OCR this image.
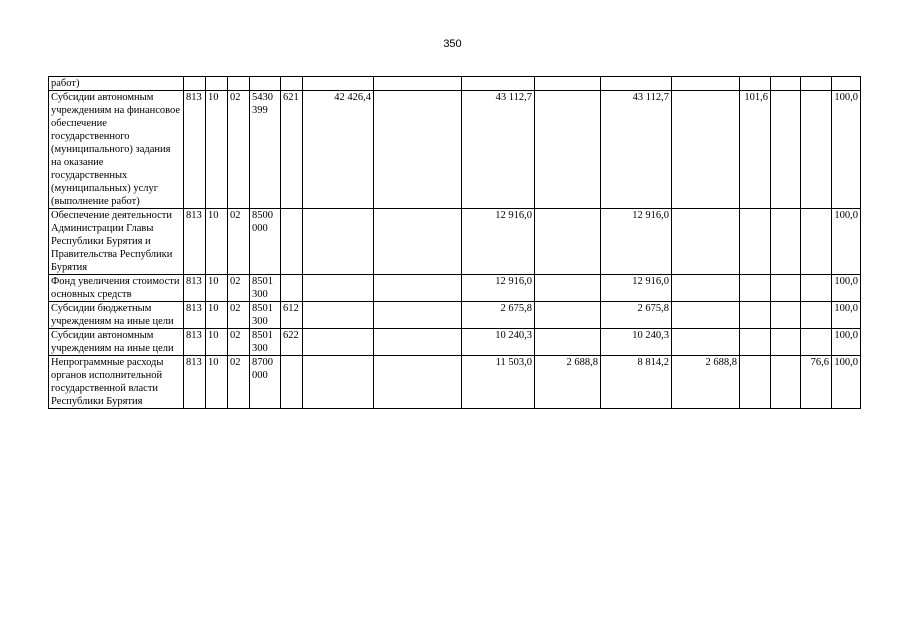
350
работ)															
Субсидии автономным учреждениям на финансовое обеспечение государственного (муниципального) задания на оказание государственных (муниципальных) услуг (выполнение работ)	813	10	02	5430 399	621	42 426,4		43 112,7		43 112,7		101,6			100,0
Обеспечение деятельности Администрации Главы Республики Бурятия и Правительства Республики Бурятия	813	10	02	8500 000				12 916,0		12 916,0					100,0
Фонд увеличения стоимости основных средств	813	10	02	8501 300				12 916,0		12 916,0					100,0
Субсидии бюджетным учреждениям на иные цели	813	10	02	8501 300	612			2 675,8		2 675,8					100,0
Субсидии автономным учреждениям на иные цели	813	10	02	8501 300	622			10 240,3		10 240,3					100,0
Непрограммные расходы органов исполнительной государственной власти Республики Бурятия	813	10	02	8700 000				11 503,0	2 688,8	8 814,2	2 688,8			76,6	100,0
